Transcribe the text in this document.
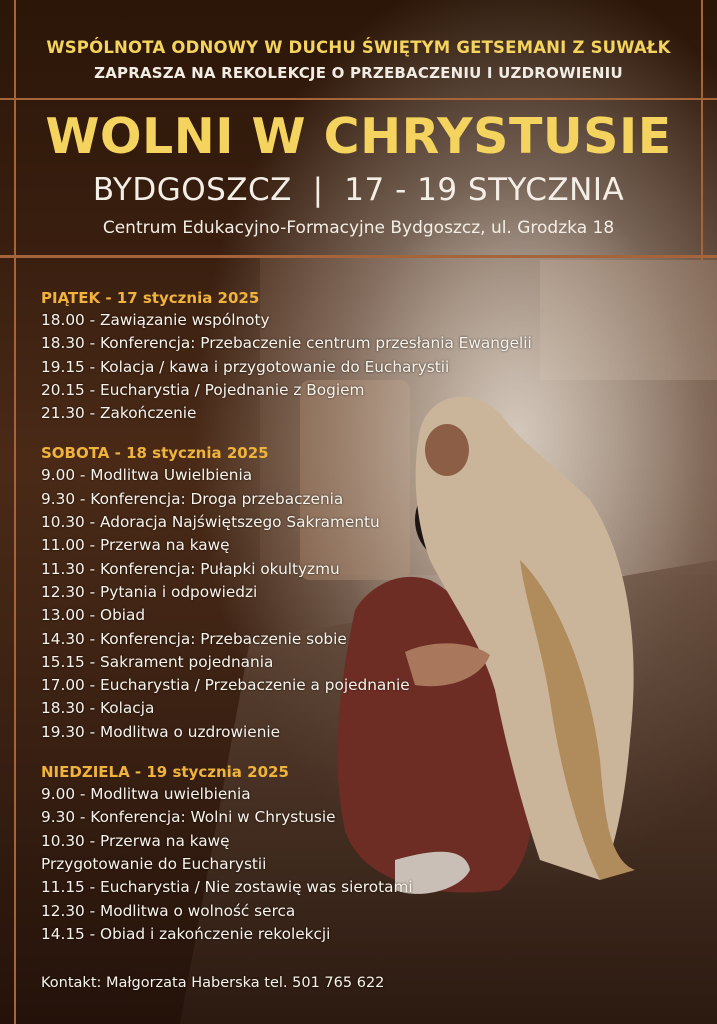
WSPÓLNOTA ODNOWY W DUCHU ŚWIĘTYM GETSEMANI Z SUWAŁK
ZAPRASZA NA REKOLEKCJE O PRZEBACZENIU I UZDROWIENIU
WOLNI W CHRYSTUSIE
BYDGOSZCZ  |  17 - 19 STYCZNIA
Centrum Edukacyjno-Formacyjne Bydgoszcz, ul. Grodzka 18
PIĄTEK - 17 stycznia 2025
18.00 - Zawiązanie wspólnoty
18.30 - Konferencja: Przebaczenie centrum przesłania Ewangelii
19.15 - Kolacja / kawa i przygotowanie do Eucharystii
20.15 - Eucharystia / Pojednanie z Bogiem
21.30 - Zakończenie
SOBOTA - 18 stycznia 2025
9.00 - Modlitwa Uwielbienia
9.30 - Konferencja: Droga przebaczenia
10.30 - Adoracja Najświętszego Sakramentu
11.00 - Przerwa na kawę
11.30 - Konferencja: Pułapki okultyzmu
12.30 - Pytania i odpowiedzi
13.00 - Obiad
14.30 - Konferencja: Przebaczenie sobie
15.15 - Sakrament pojednania
17.00 - Eucharystia / Przebaczenie a pojednanie
18.30 - Kolacja
19.30 - Modlitwa o uzdrowienie
NIEDZIELA - 19 stycznia 2025
9.00 - Modlitwa uwielbienia
9.30 - Konferencja: Wolni w Chrystusie
10.30 - Przerwa na kawę
Przygotowanie do Eucharystii
11.15 - Eucharystia / Nie zostawię was sierotami
12.30 - Modlitwa o wolność serca
14.15 - Obiad i zakończenie rekolekcji
Kontakt: Małgorzata Haberska tel. 501 765 622
